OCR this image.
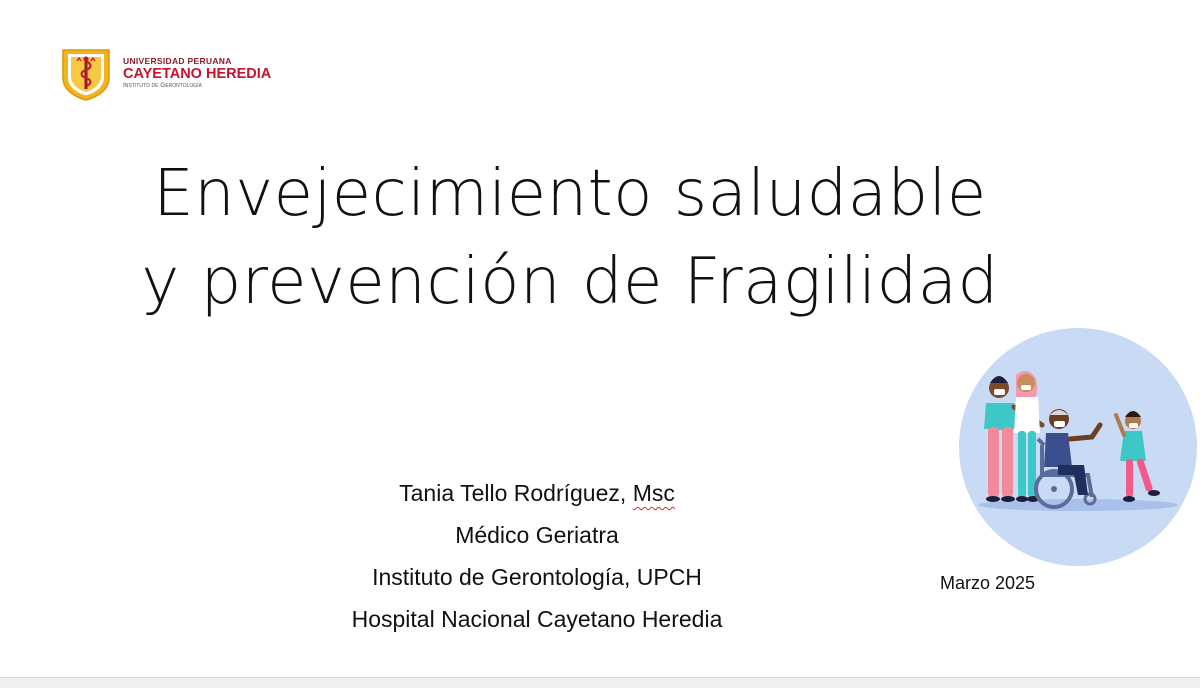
UNIVERSIDAD PERUANA
CAYETANO HEREDIA
Instituto de Gerontología
Envejecimiento saludable
y prevención de Fragilidad
Tania Tello Rodríguez, Msc
Médico Geriatra
Instituto de Gerontología, UPCH
Hospital Nacional Cayetano Heredia
Marzo 2025
